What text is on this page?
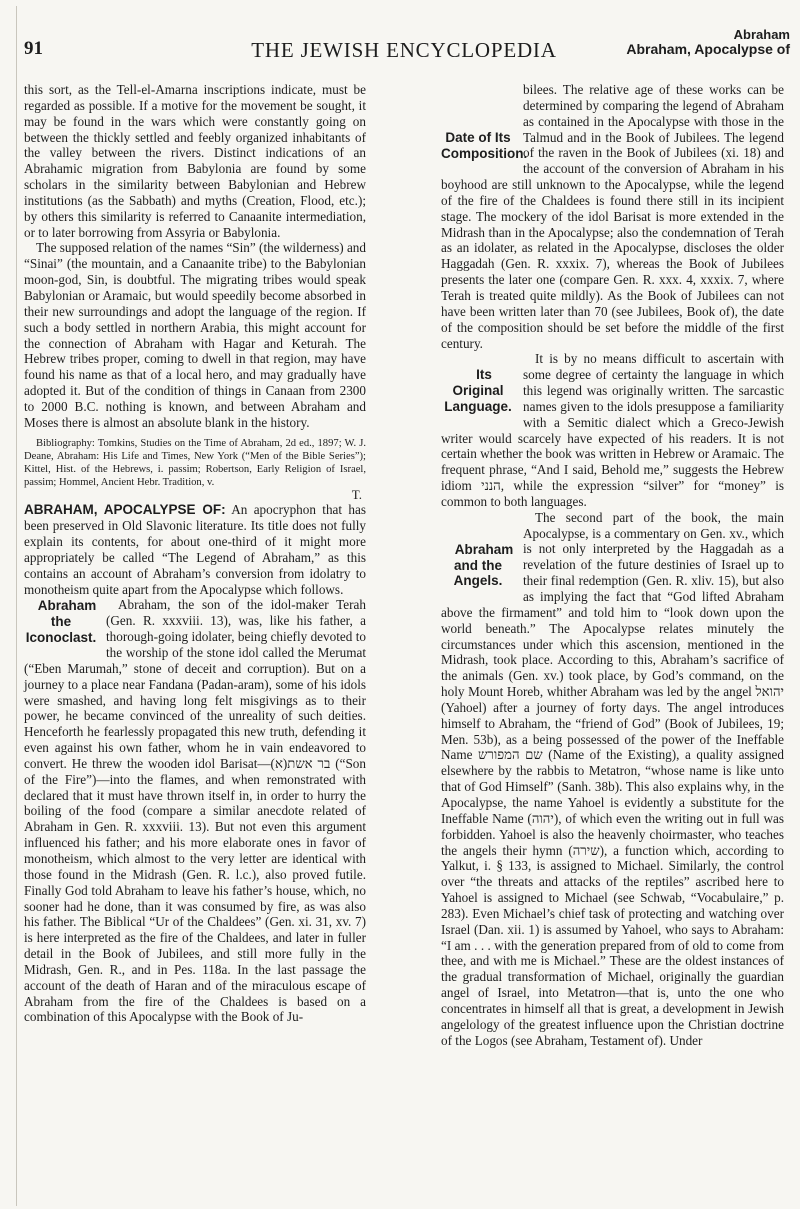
91	THE JEWISH ENCYCLOPEDIA
Abraham
Abraham, Apocalypse of

this sort, as the Tell-el-Amarna inscriptions indicate, must be regarded as possible. If a motive for the movement be sought, it may be found in the wars which were constantly going on between the thickly settled and feebly organized inhabitants of the valley between the rivers. Distinct indications of an Abrahamic migration from Babylonia are found by some scholars in the similarity between Babylonian and Hebrew institutions (as the Sabbath) and myths (Creation, Flood, etc.); by others this similarity is referred to Canaanite intermediation, or to later borrowing from Assyria or Babylonia.

The supposed relation of the names “Sin” (the wilderness) and “Sinai” (the mountain, and a Canaanite tribe) to the Babylonian moon-god, Sin, is doubtful. The migrating tribes would speak Babylonian or Aramaic, but would speedily become absorbed in their new surroundings and adopt the language of the region. If such a body settled in northern Arabia, this might account for the connection of Abraham with Hagar and Keturah. The Hebrew tribes proper, coming to dwell in that region, may have found his name as that of a local hero, and may gradually have adopted it. But of the condition of things in Canaan from 2300 to 2000 B.C. nothing is known, and between Abraham and Moses there is almost an absolute blank in the history.

Bibliography: Tomkins, Studies on the Time of Abraham, 2d ed., 1897; W. J. Deane, Abraham: His Life and Times, New York (“Men of the Bible Series”); Kittel, Hist. of the Hebrews, i. passim; Robertson, Early Religion of Israel, passim; Hommel, Ancient Hebr. Tradition, v.

T.

ABRAHAM, APOCALYPSE OF: An apocryphon that has been preserved in Old Slavonic literature. Its title does not fully explain its contents, for about one-third of it might more appropriately be called “The Legend of Abraham,” as this contains an account of Abraham’s conversion from idolatry to monotheism quite apart from the Apocalypse which follows.

Abraham the Iconoclast.
Abraham, the son of the idol-maker Terah (Gen. R. xxxviii. 13), was, like his father, a thorough-going idolater, being chiefly devoted to the worship of the stone idol called the Merumat (“Eben Marumah,” stone of deceit and corruption). But on a journey to a place near Fandana (Padan-aram), some of his idols were smashed, and having long felt misgivings as to their power, he became convinced of the unreality of such deities. Henceforth he fearlessly propagated this new truth, defending it even against his own father, whom he in vain endeavored to convert. He threw the wooden idol Barisat—(א)בר אשת (“Son of the Fire”)—into the flames, and when remonstrated with declared that it must have thrown itself in, in order to hurry the boiling of the food (compare a similar anecdote related of Abraham in Gen. R. xxxviii. 13). But not even this argument influenced his father; and his more elaborate ones in favor of monotheism, which almost to the very letter are identical with those found in the Midrash (Gen. R. l.c.), also proved futile. Finally God told Abraham to leave his father’s house, which, no sooner had he done, than it was consumed by fire, as was also his father. The Biblical “Ur of the Chaldees” (Gen. xi. 31, xv. 7) is here interpreted as the fire of the Chaldees, and later in fuller detail in the Book of Jubilees, and still more fully in the Midrash, Gen. R., and in Pes. 118a. In the last passage the account of the death of Haran and of the miraculous escape of Abraham from the fire of the Chaldees is based on a combination of this Apocalypse with the Book of Ju-

Date of Its Composition.
bilees. The relative age of these works can be determined by comparing the legend of Abraham as contained in the Apocalypse with those in the Talmud and in the Book of Jubilees. The legend of the raven in the Book of Jubilees (xi. 18) and the account of the conversion of Abraham in his boyhood are still unknown to the Apocalypse, while the legend of the fire of the Chaldees is found there still in its incipient stage. The mockery of the idol Barisat is more extended in the Midrash than in the Apocalypse; also the condemnation of Terah as an idolater, as related in the Apocalypse, discloses the older Haggadah (Gen. R. xxxix. 7), whereas the Book of Jubilees presents the later one (compare Gen. R. xxx. 4, xxxix. 7, where Terah is treated quite mildly). As the Book of Jubilees can not have been written later than 70 (see Jubilees, Book of), the date of the composition should be set before the middle of the first century.

Its Original Language.
It is by no means difficult to ascertain with some degree of certainty the language in which this legend was originally written. The sarcastic names given to the idols presuppose a familiarity with a Semitic dialect which a Greco-Jewish writer would scarcely have expected of his readers. It is not certain whether the book was written in Hebrew or Aramaic. The frequent phrase, “And I said, Behold me,” suggests the Hebrew idiom הנני, while the expression “silver” for “money” is common to both languages.

Abraham and the Angels.
The second part of the book, the main Apocalypse, is a commentary on Gen. xv., which is not only interpreted by the Haggadah as a revelation of the future destinies of Israel up to their final redemption (Gen. R. xliv. 15), but also as implying the fact that “God lifted Abraham above the firmament” and told him to “look down upon the world beneath.” The Apocalypse relates minutely the circumstances under which this ascension, mentioned in the Midrash, took place. According to this, Abraham’s sacrifice of the animals (Gen. xv.) took place, by God’s command, on the holy Mount Horeb, whither Abraham was led by the angel יהואל (Yahoel) after a journey of forty days. The angel introduces himself to Abraham, the “friend of God” (Book of Jubilees, 19; Men. 53b), as a being possessed of the power of the Ineffable Name שם המפורש (Name of the Existing), a quality assigned elsewhere by the rabbis to Metatron, “whose name is like unto that of God Himself” (Sanh. 38b). This also explains why, in the Apocalypse, the name Yahoel is evidently a substitute for the Ineffable Name (יהוה), of which even the writing out in full was forbidden. Yahoel is also the heavenly choirmaster, who teaches the angels their hymn (שירה), a function which, according to Yalkut, i. § 133, is assigned to Michael. Similarly, the control over “the threats and attacks of the reptiles” ascribed here to Yahoel is assigned to Michael (see Schwab, “Vocabulaire,” p. 283). Even Michael’s chief task of protecting and watching over Israel (Dan. xii. 1) is assumed by Yahoel, who says to Abraham: “I am . . . with the generation prepared from of old to come from thee, and with me is Michael.” These are the oldest instances of the gradual transformation of Michael, originally the guardian angel of Israel, into Metatron—that is, unto the one who concentrates in himself all that is great, a development in Jewish angelology of the greatest influence upon the Christian doctrine of the Logos (see Abraham, Testament of). Under
